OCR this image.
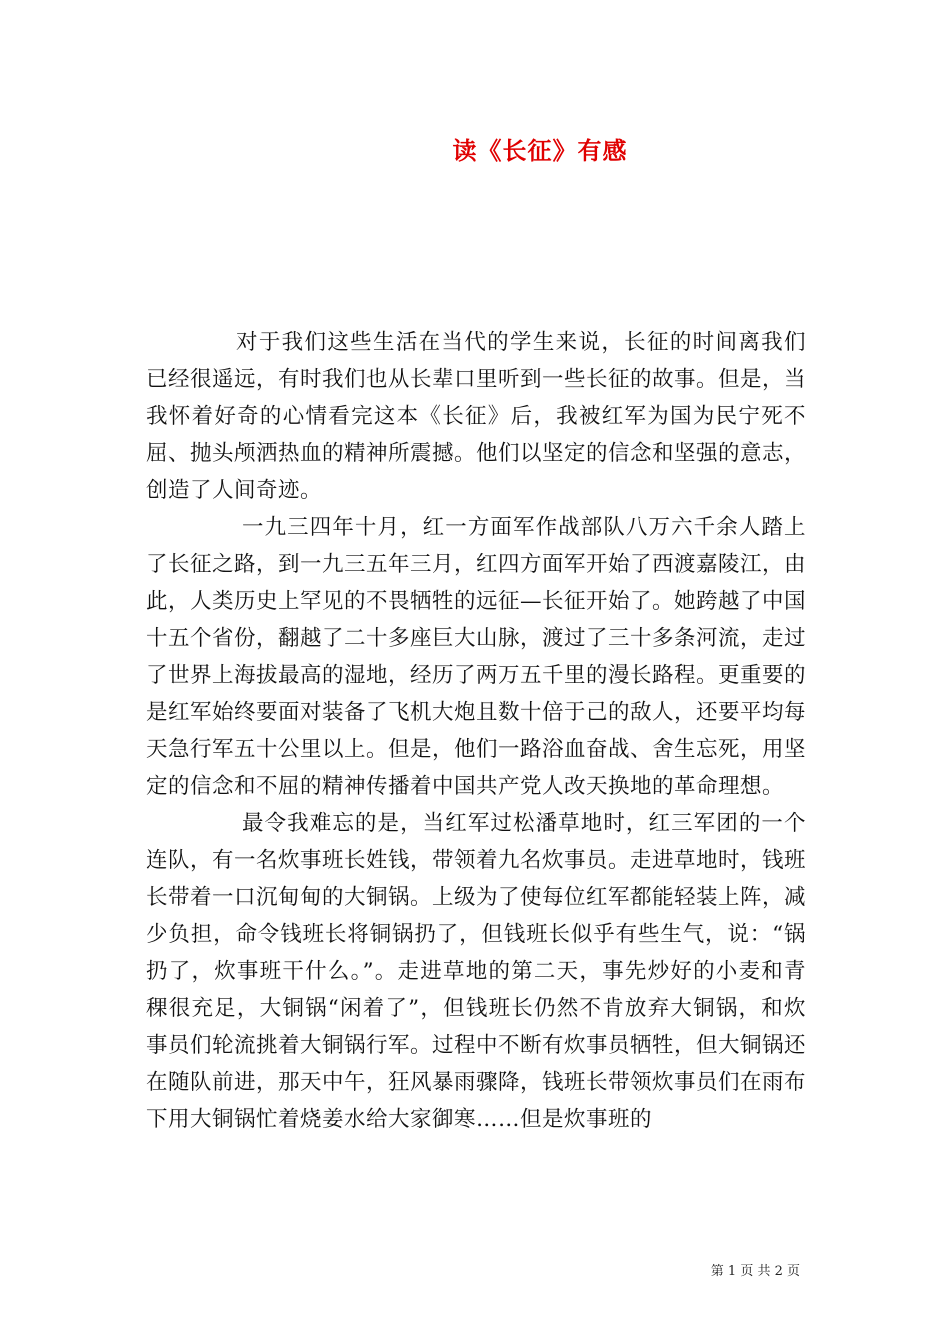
读《长征》有感

对于我们这些生活在当代的学生来说，长征的时间离我们已经很遥远，有时我们也从长辈口里听到一些长征的故事。但是，当我怀着好奇的心情看完这本《长征》后，我被红军为国为民宁死不屈、抛头颅洒热血的精神所震撼。他们以坚定的信念和坚强的意志，创造了人间奇迹。

一九三四年十月，红一方面军作战部队八万六千余人踏上了长征之路，到一九三五年三月，红四方面军开始了西渡嘉陵江，由此，人类历史上罕见的不畏牺牲的远征—长征开始了。她跨越了中国十五个省份，翻越了二十多座巨大山脉，渡过了三十多条河流，走过了世界上海拔最高的湿地，经历了两万五千里的漫长路程。更重要的是红军始终要面对装备了飞机大炮且数十倍于己的敌人，还要平均每天急行军五十公里以上。但是，他们一路浴血奋战、舍生忘死，用坚定的信念和不屈的精神传播着中国共产党人改天换地的革命理想。

最令我难忘的是，当红军过松潘草地时，红三军团的一个连队，有一名炊事班长姓钱，带领着九名炊事员。走进草地时，钱班长带着一口沉甸甸的大铜锅。上级为了使每位红军都能轻装上阵，减少负担，命令钱班长将铜锅扔了，但钱班长似乎有些生气，说：“锅扔了，炊事班干什么。”。走进草地的第二天，事先炒好的小麦和青稞很充足，大铜锅“闲着了”，但钱班长仍然不肯放弃大铜锅，和炊事员们轮流挑着大铜锅行军。过程中不断有炊事员牺牲，但大铜锅还在随队前进，那天中午，狂风暴雨骤降，钱班长带领炊事员们在雨布下用大铜锅忙着烧姜水给大家御寒……但是炊事班的

第 1 页 共 2 页
